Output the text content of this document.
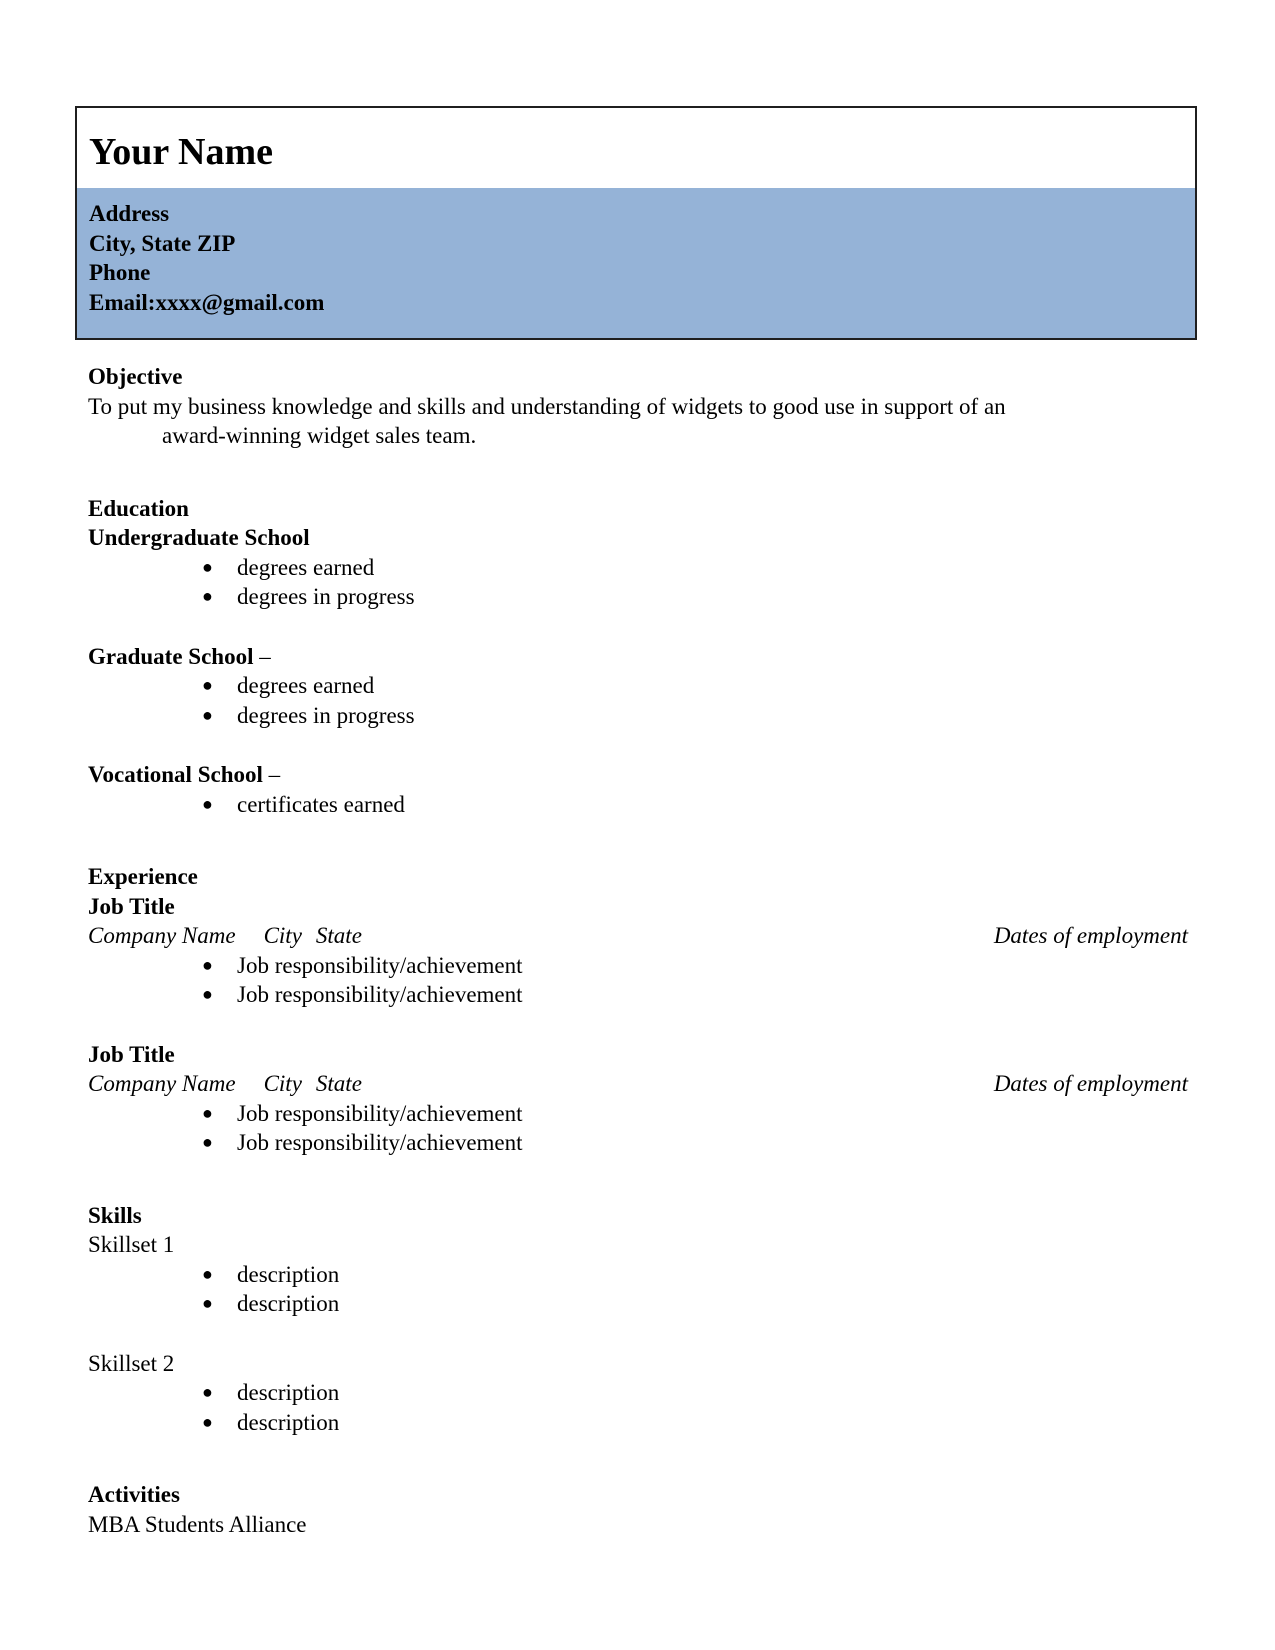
Your Name
Address
City, State ZIP
Phone
Email:xxxx@gmail.com
Objective
To put my business knowledge and skills and understanding of widgets to good use in support of an
award-winning widget sales team.
Education
Undergraduate School
● degrees earned
● degrees in progress
Graduate School –
● degrees earned
● degrees in progress
Vocational School –
● certificates earned
Experience
Job Title
Company Name City State	Dates of employment
● Job responsibility/achievement
● Job responsibility/achievement
Job Title
Company Name City State	Dates of employment
● Job responsibility/achievement
● Job responsibility/achievement
Skills
Skillset 1
● description
● description
Skillset 2
● description
● description
Activities
MBA Students Alliance
